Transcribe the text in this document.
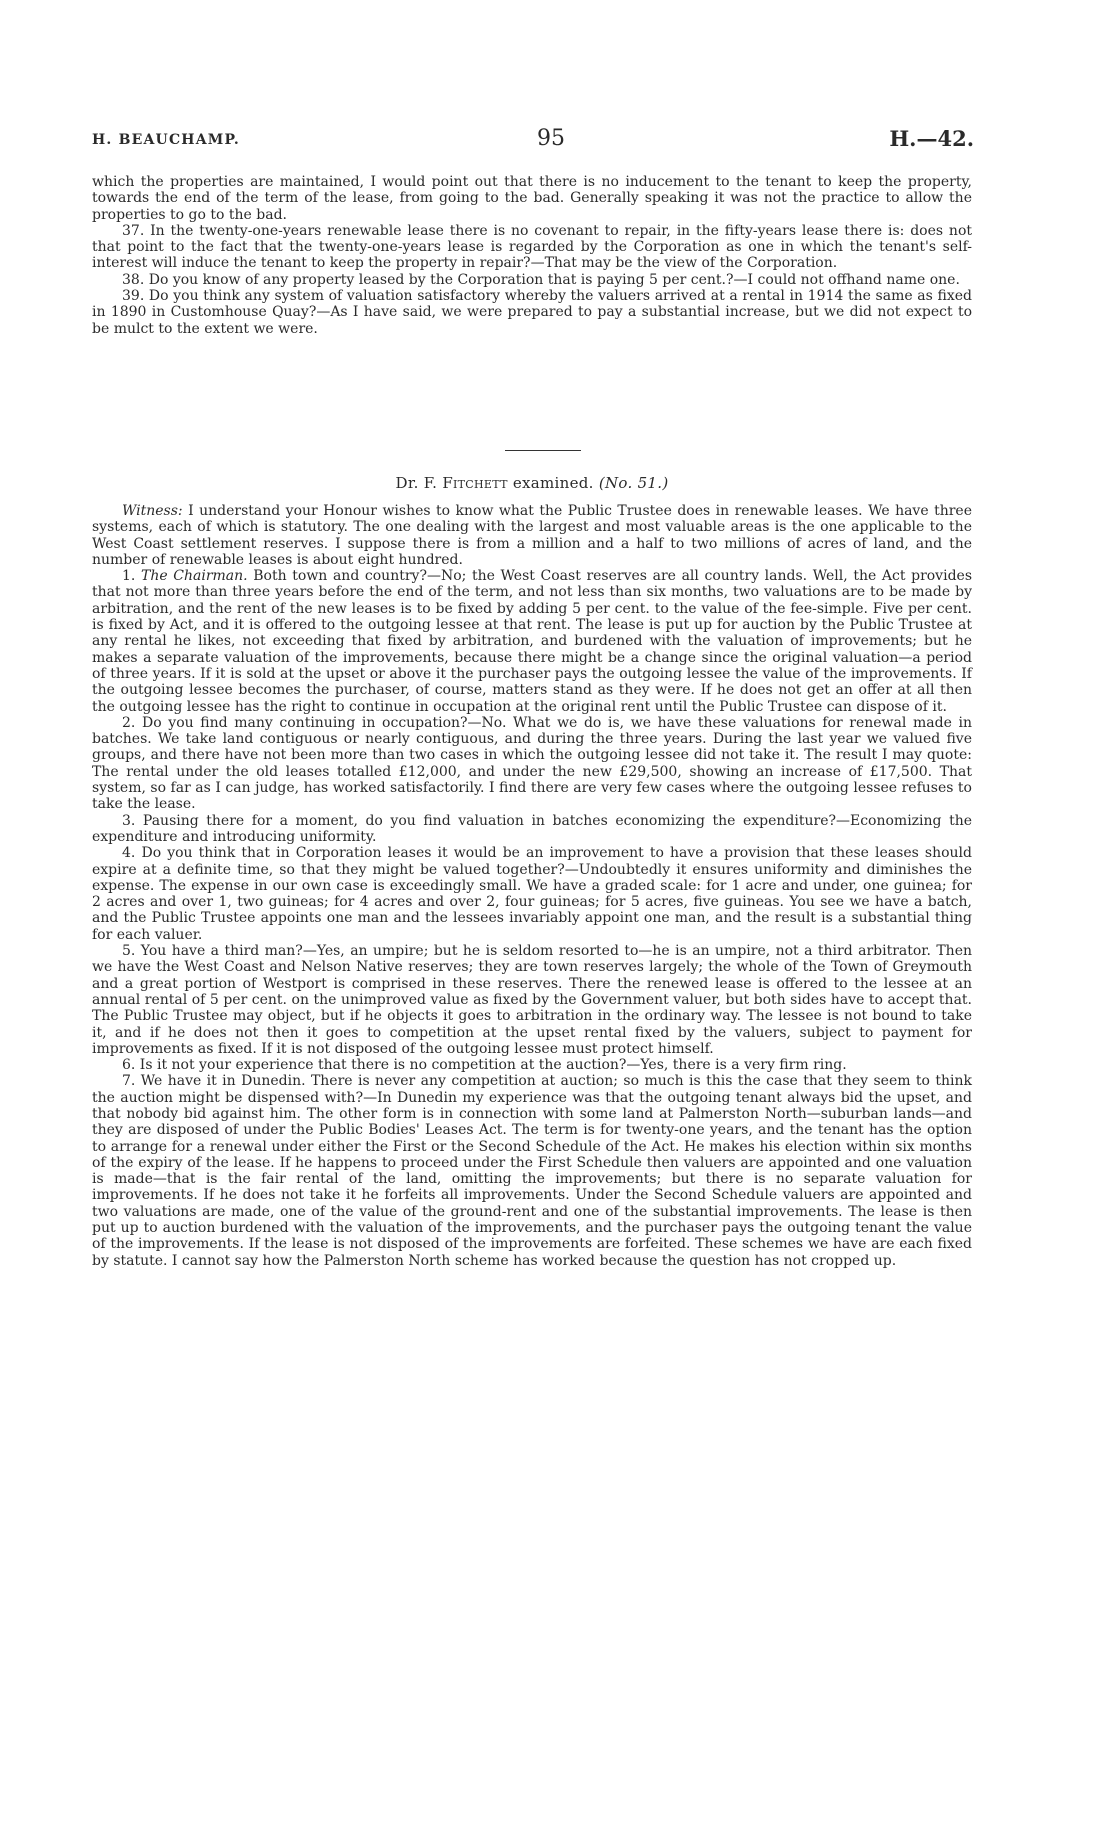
H. BEAUCHAMP.	95	H.—42.

which the properties are maintained, I would point out that there is no inducement to the tenant to keep the property, towards the end of the term of the lease, from going to the bad. Generally speaking it was not the practice to allow the properties to go to the bad.

37. In the twenty-one-years renewable lease there is no covenant to repair, in the fifty-years lease there is: does not that point to the fact that the twenty-one-years lease is regarded by the Corporation as one in which the tenant's self-interest will induce the tenant to keep the property in repair?—That may be the view of the Corporation.

38. Do you know of any property leased by the Corporation that is paying 5 per cent.?—I could not offhand name one.

39. Do you think any system of valuation satisfactory whereby the valuers arrived at a rental in 1914 the same as fixed in 1890 in Customhouse Quay?—As I have said, we were prepared to pay a substantial increase, but we did not expect to be mulct to the extent we were.

Dr. F. Fitchett examined. (No. 51.)

Witness: I understand your Honour wishes to know what the Public Trustee does in renewable leases. We have three systems, each of which is statutory. The one dealing with the largest and most valuable areas is the one applicable to the West Coast settlement reserves. I suppose there is from a million and a half to two millions of acres of land, and the number of renewable leases is about eight hundred.

1. The Chairman. Both town and country?—No; the West Coast reserves are all country lands. Well, the Act provides that not more than three years before the end of the term, and not less than six months, two valuations are to be made by arbitration, and the rent of the new leases is to be fixed by adding 5 per cent. to the value of the fee-simple. Five per cent. is fixed by Act, and it is offered to the outgoing lessee at that rent. The lease is put up for auction by the Public Trustee at any rental he likes, not exceeding that fixed by arbitration, and burdened with the valuation of improvements; but he makes a separate valuation of the improvements, because there might be a change since the original valuation—a period of three years. If it is sold at the upset or above it the purchaser pays the outgoing lessee the value of the improvements. If the outgoing lessee becomes the purchaser, of course, matters stand as they were. If he does not get an offer at all then the outgoing lessee has the right to continue in occupation at the original rent until the Public Trustee can dispose of it.

2. Do you find many continuing in occupation?—No. What we do is, we have these valuations for renewal made in batches. We take land contiguous or nearly contiguous, and during the three years. During the last year we valued five groups, and there have not been more than two cases in which the outgoing lessee did not take it. The result I may quote: The rental under the old leases totalled £12,000, and under the new £29,500, showing an increase of £17,500. That system, so far as I can judge, has worked satisfactorily. I find there are very few cases where the outgoing lessee refuses to take the lease.

3. Pausing there for a moment, do you find valuation in batches economizing the expenditure?—Economizing the expenditure and introducing uniformity.

4. Do you think that in Corporation leases it would be an improvement to have a provision that these leases should expire at a definite time, so that they might be valued together?—Undoubtedly it ensures uniformity and diminishes the expense. The expense in our own case is exceedingly small. We have a graded scale: for 1 acre and under, one guinea; for 2 acres and over 1, two guineas; for 4 acres and over 2, four guineas; for 5 acres, five guineas. You see we have a batch, and the Public Trustee appoints one man and the lessees invariably appoint one man, and the result is a substantial thing for each valuer.

5. You have a third man?—Yes, an umpire; but he is seldom resorted to—he is an umpire, not a third arbitrator. Then we have the West Coast and Nelson Native reserves; they are town reserves largely; the whole of the Town of Greymouth and a great portion of Westport is comprised in these reserves. There the renewed lease is offered to the lessee at an annual rental of 5 per cent. on the unimproved value as fixed by the Government valuer, but both sides have to accept that. The Public Trustee may object, but if he objects it goes to arbitration in the ordinary way. The lessee is not bound to take it, and if he does not then it goes to competition at the upset rental fixed by the valuers, subject to payment for improvements as fixed. If it is not disposed of the outgoing lessee must protect himself.

6. Is it not your experience that there is no competition at the auction?—Yes, there is a very firm ring.

7. We have it in Dunedin. There is never any competition at auction; so much is this the case that they seem to think the auction might be dispensed with?—In Dunedin my experience was that the outgoing tenant always bid the upset, and that nobody bid against him. The other form is in connection with some land at Palmerston North—suburban lands—and they are disposed of under the Public Bodies' Leases Act. The term is for twenty-one years, and the tenant has the option to arrange for a renewal under either the First or the Second Schedule of the Act. He makes his election within six months of the expiry of the lease. If he happens to proceed under the First Schedule then valuers are appointed and one valuation is made—that is the fair rental of the land, omitting the improvements; but there is no separate valuation for improvements. If he does not take it he forfeits all improvements. Under the Second Schedule valuers are appointed and two valuations are made, one of the value of the ground-rent and one of the substantial improvements. The lease is then put up to auction burdened with the valuation of the improvements, and the purchaser pays the outgoing tenant the value of the improvements. If the lease is not disposed of the improvements are forfeited. These schemes we have are each fixed by statute. I cannot say how the Palmerston North scheme has worked because the question has not cropped up.
